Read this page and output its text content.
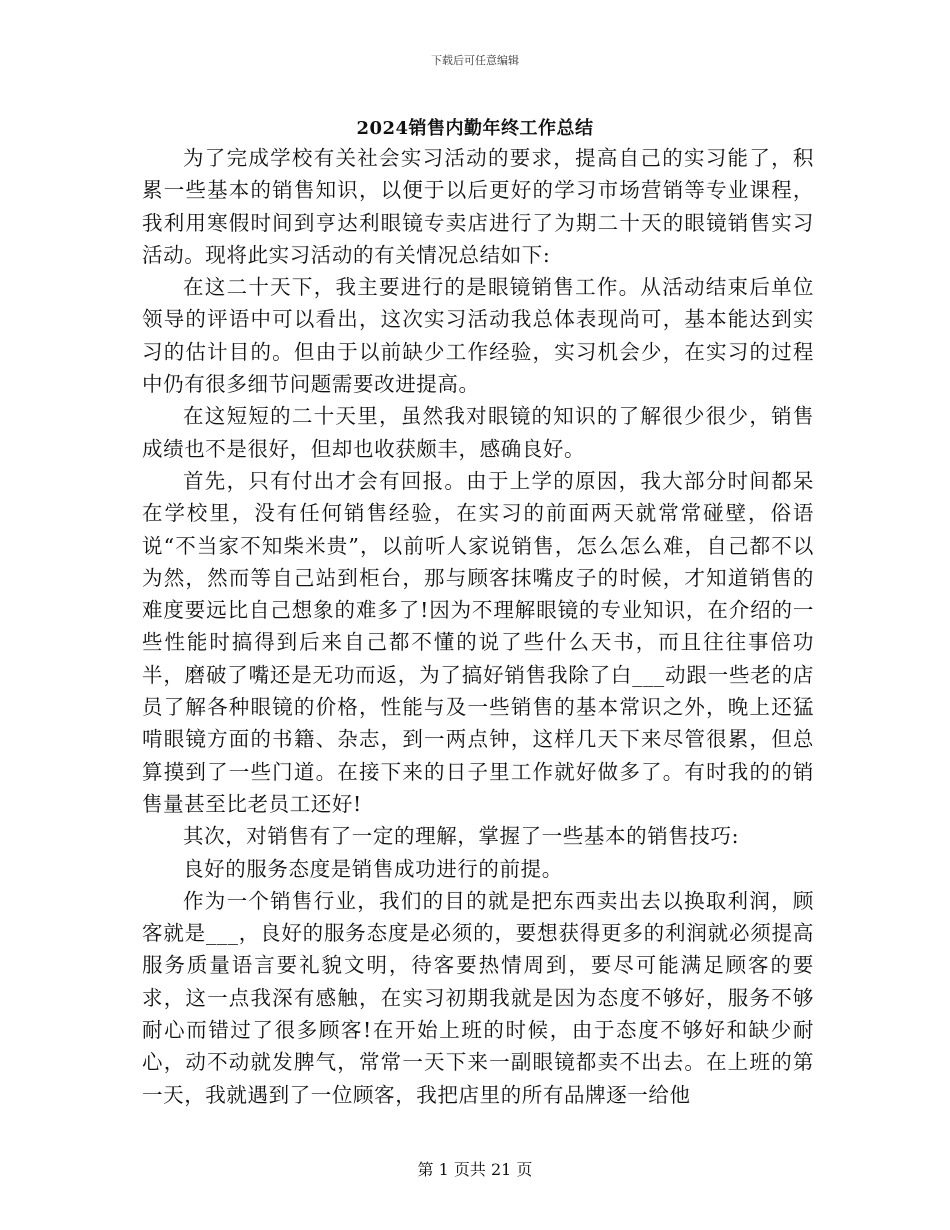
下载后可任意编辑
2024销售内勤年终工作总结

为了完成学校有关社会实习活动的要求，提高自己的实习能了，积累一些基本的销售知识，以便于以后更好的学习市场营销等专业课程，我利用寒假时间到亨达利眼镜专卖店进行了为期二十天的眼镜销售实习活动。现将此实习活动的有关情况总结如下:

在这二十天下，我主要进行的是眼镜销售工作。从活动结束后单位领导的评语中可以看出，这次实习活动我总体表现尚可，基本能达到实习的估计目的。但由于以前缺少工作经验，实习机会少，在实习的过程中仍有很多细节问题需要改进提高。

在这短短的二十天里，虽然我对眼镜的知识的了解很少很少，销售成绩也不是很好，但却也收获颇丰，感确良好。

首先，只有付出才会有回报。由于上学的原因，我大部分时间都呆在学校里，没有任何销售经验，在实习的前面两天就常常碰壁，俗语说“不当家不知柴米贵”，以前听人家说销售，怎么怎么难，自己都不以为然，然而等自己站到柜台，那与顾客抹嘴皮子的时候，才知道销售的难度要远比自己想象的难多了!因为不理解眼镜的专业知识，在介绍的一些性能时搞得到后来自己都不懂的说了些什么天书，而且往往事倍功半，磨破了嘴还是无功而返，为了搞好销售我除了白___动跟一些老的店员了解各种眼镜的价格，性能与及一些销售的基本常识之外，晚上还猛啃眼镜方面的书籍、杂志，到一两点钟，这样几天下来尽管很累，但总算摸到了一些门道。在接下来的日子里工作就好做多了。有时我的的销售量甚至比老员工还好!

其次，对销售有了一定的理解，掌握了一些基本的销售技巧:

良好的服务态度是销售成功进行的前提。

作为一个销售行业，我们的目的就是把东西卖出去以换取利润，顾客就是___，良好的服务态度是必须的，要想获得更多的利润就必须提高服务质量语言要礼貌文明，待客要热情周到，要尽可能满足顾客的要求，这一点我深有感触，在实习初期我就是因为态度不够好，服务不够耐心而错过了很多顾客!在开始上班的时候，由于态度不够好和缺少耐心，动不动就发脾气，常常一天下来一副眼镜都卖不出去。在上班的第一天，我就遇到了一位顾客，我把店里的所有品牌逐一给他

第 1 页共 21 页
